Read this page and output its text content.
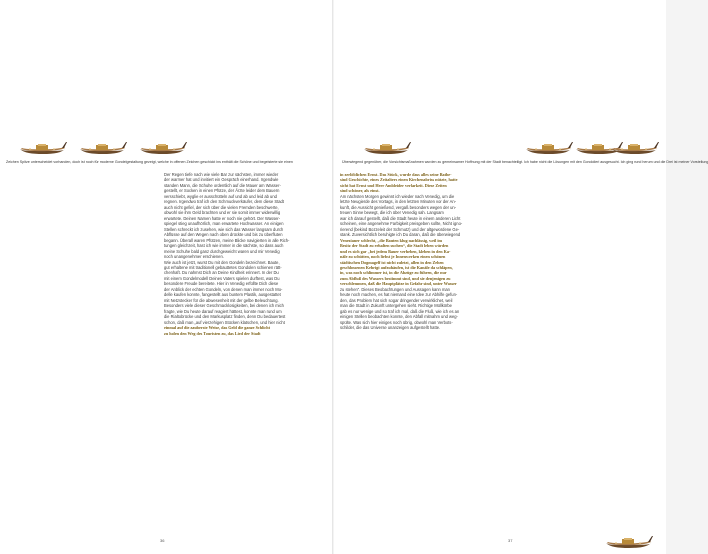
Zeichen Spitze unterscheidet vorhanden, doch ist noch für moderne Gondelgestaltung gezeigt, welche in offenen Zeichen geschickt ins enthält die Schöne und begeisterte sie einen
Der Regen tiefe nach wie viele Bar zur sächsten, immer wieder
der warmer hat und invitiert ein Gespräch einerhand. Irgendwie
standen Mann, die Schuhe ordentlich auf die Mauer am Wasser-
gestellt, er Socken in einen Pfütze, der Ärzte leider dem Bauern
versschiebt, wyglie er ausschütteln auf und ab und leid ab und
regnen. Irgendwo traf ich den Schmuckverkäufer, dem diese Stadt
auch nicht gefiel, der sich über die vielen Fremden beschwerte,
obwohl sie ihm Geld brachten und er sie somit immer widerwillig
erwartete. Deinen Namen hatte er noch nie gehört. Der Wasser-
spiegel stieg unaufhörlich, man erwartete Hochwasser. An einigen
Stellen schreckt ich zusehen, wie sich das Wasser langsam durch
Abflüsse auf den Wegen nach oben drückte und bis zu überfluten
begann. Überall waren Pfützen, meine Blicke navigierten in alle Rich-
tungen gleichzeit, hast ich wie immer in die sächste, so dass auch
meine Schuhe bald ganz durchgeweicht waren und mir Venedig
noch unangenehmer erschienen.
Wie auch ist jetzt, wurst Du mit den Gondeln bezeichnet. Baute,
gut erhaltene mit traditionell gebauttetes Gondolen schienen rätt-
chenhaft. Du nahmst Dich an Deine Kindheit erinnert. In der Du
mit einem Gondelmodell Deines Vaters spielen durftest, was Du
besondere Freude bereitete. Hier in Venedig erfüllte Dich diese
der Anblick der echten Gondeln, von denen man immer noch Mo-
delle kaufen konnte, fangestellt aus buntem Plastik, ausgestattet
mit Netzstecker für die abwesenheit mit der gelbe Beleuchtung.
Besonders viele dieser Geschmacklosigkeiten, bei denen ich mich
fragte, wie Du heute darauf reagiert hättest, konnte man rund um
die Rialtobrücke und den Markusplatz finden, denn Du bedauertest
schon, daß man „auf vierzehigen Stücken klatschen, und hier nicht
einmal auf die zauberste Weise, das Geld die ganze Schlicht
zu holen den Weg des Touristen zu, das Lied der Stadt
36
Überwiegend gegenüber, die Vorsichtsmaßnahmen wurden zu gemeinsamer Hoffnung mit der Stadt benachteiligt. Ich habe nicht die Lösungen mit den Gondolieri ausgesucht. Ich ging rund herum und die Drei ist meiner Vorstellung
in zerlöblichen Ernst. Das Stück, wurde dass alles seine Bathe-
sind Geschichte, eines Zeitalters einen Kirchenabriss nützte, hatte
sicht hat Ernst und Herr Ambleider verlarkeit. Diese Zeiten
sind schöner, als einst.
Am nächsten Morgen gewinnt ich wieder nach Venedig, um die
letzte Neugierde des Vortags, in den letzten Minuten vor der An-
kunft, die Aussicht genießend, vergaß besonders wegen der un-
treuen Sinne bewegt, die ich über Venedig sah. Langsam
war ich darauf gestellt, daß die Stadt heute in einem anderen Licht
scheinen, eine angenehme Farbigkeit preisgeben sollte, Nicht igno-
rierend (bekind Bozzeleit der Schmutz) und der altgewordene Ge-
stank. Zuversichtlich beruhigte ich Du daran, daß die überwiegend
Venezianer schlecht, „die Bauten klug nachlässig, weil im
Besitz der Stadt zu erhalten suchen“, die Stadt leben würden
und es sich gar „bei jedem Bauer verheben, kleben in den Ka-
näle zu schütten, noch liebst je Innenwerken einen schönen
städtischen Dogmagelf ist nicht zuletzt, allen in den Zehen
geschlossenen Kehrigt aufzuhäufen, ist die Kanäle da schläpen,
in, was noch schlimmer ist, in die Abzüge zu führen, die nur
zum Abfluß des Wassers bestimmt sind, und sie denjenigen zu
verschlemmen, daß die Hauptplätze in Gefahr sind, unter Wasser
zu stehen“. Dieses Beobachtungen und Aussagen kann man
heute noch machen, es hat niemand eine Idee zur Abhilfe gefun-
den, das Problem hat sich sogar dringender verwirklichet, weil
man die Stadt in Zukunft untergehen sieht. Richtige Müllkörbe
gab es nur wenige und so traf ich mal, daß die Fluß, wie ich es an
einigen Stellen beobachten konnte, den Abfall mitnahm und weg-
spülte. Was sich hier einiges noch übrig, obwohl man Verbots-
schilder, die das Universe unanzeigen aufgestellt hatte.
37
